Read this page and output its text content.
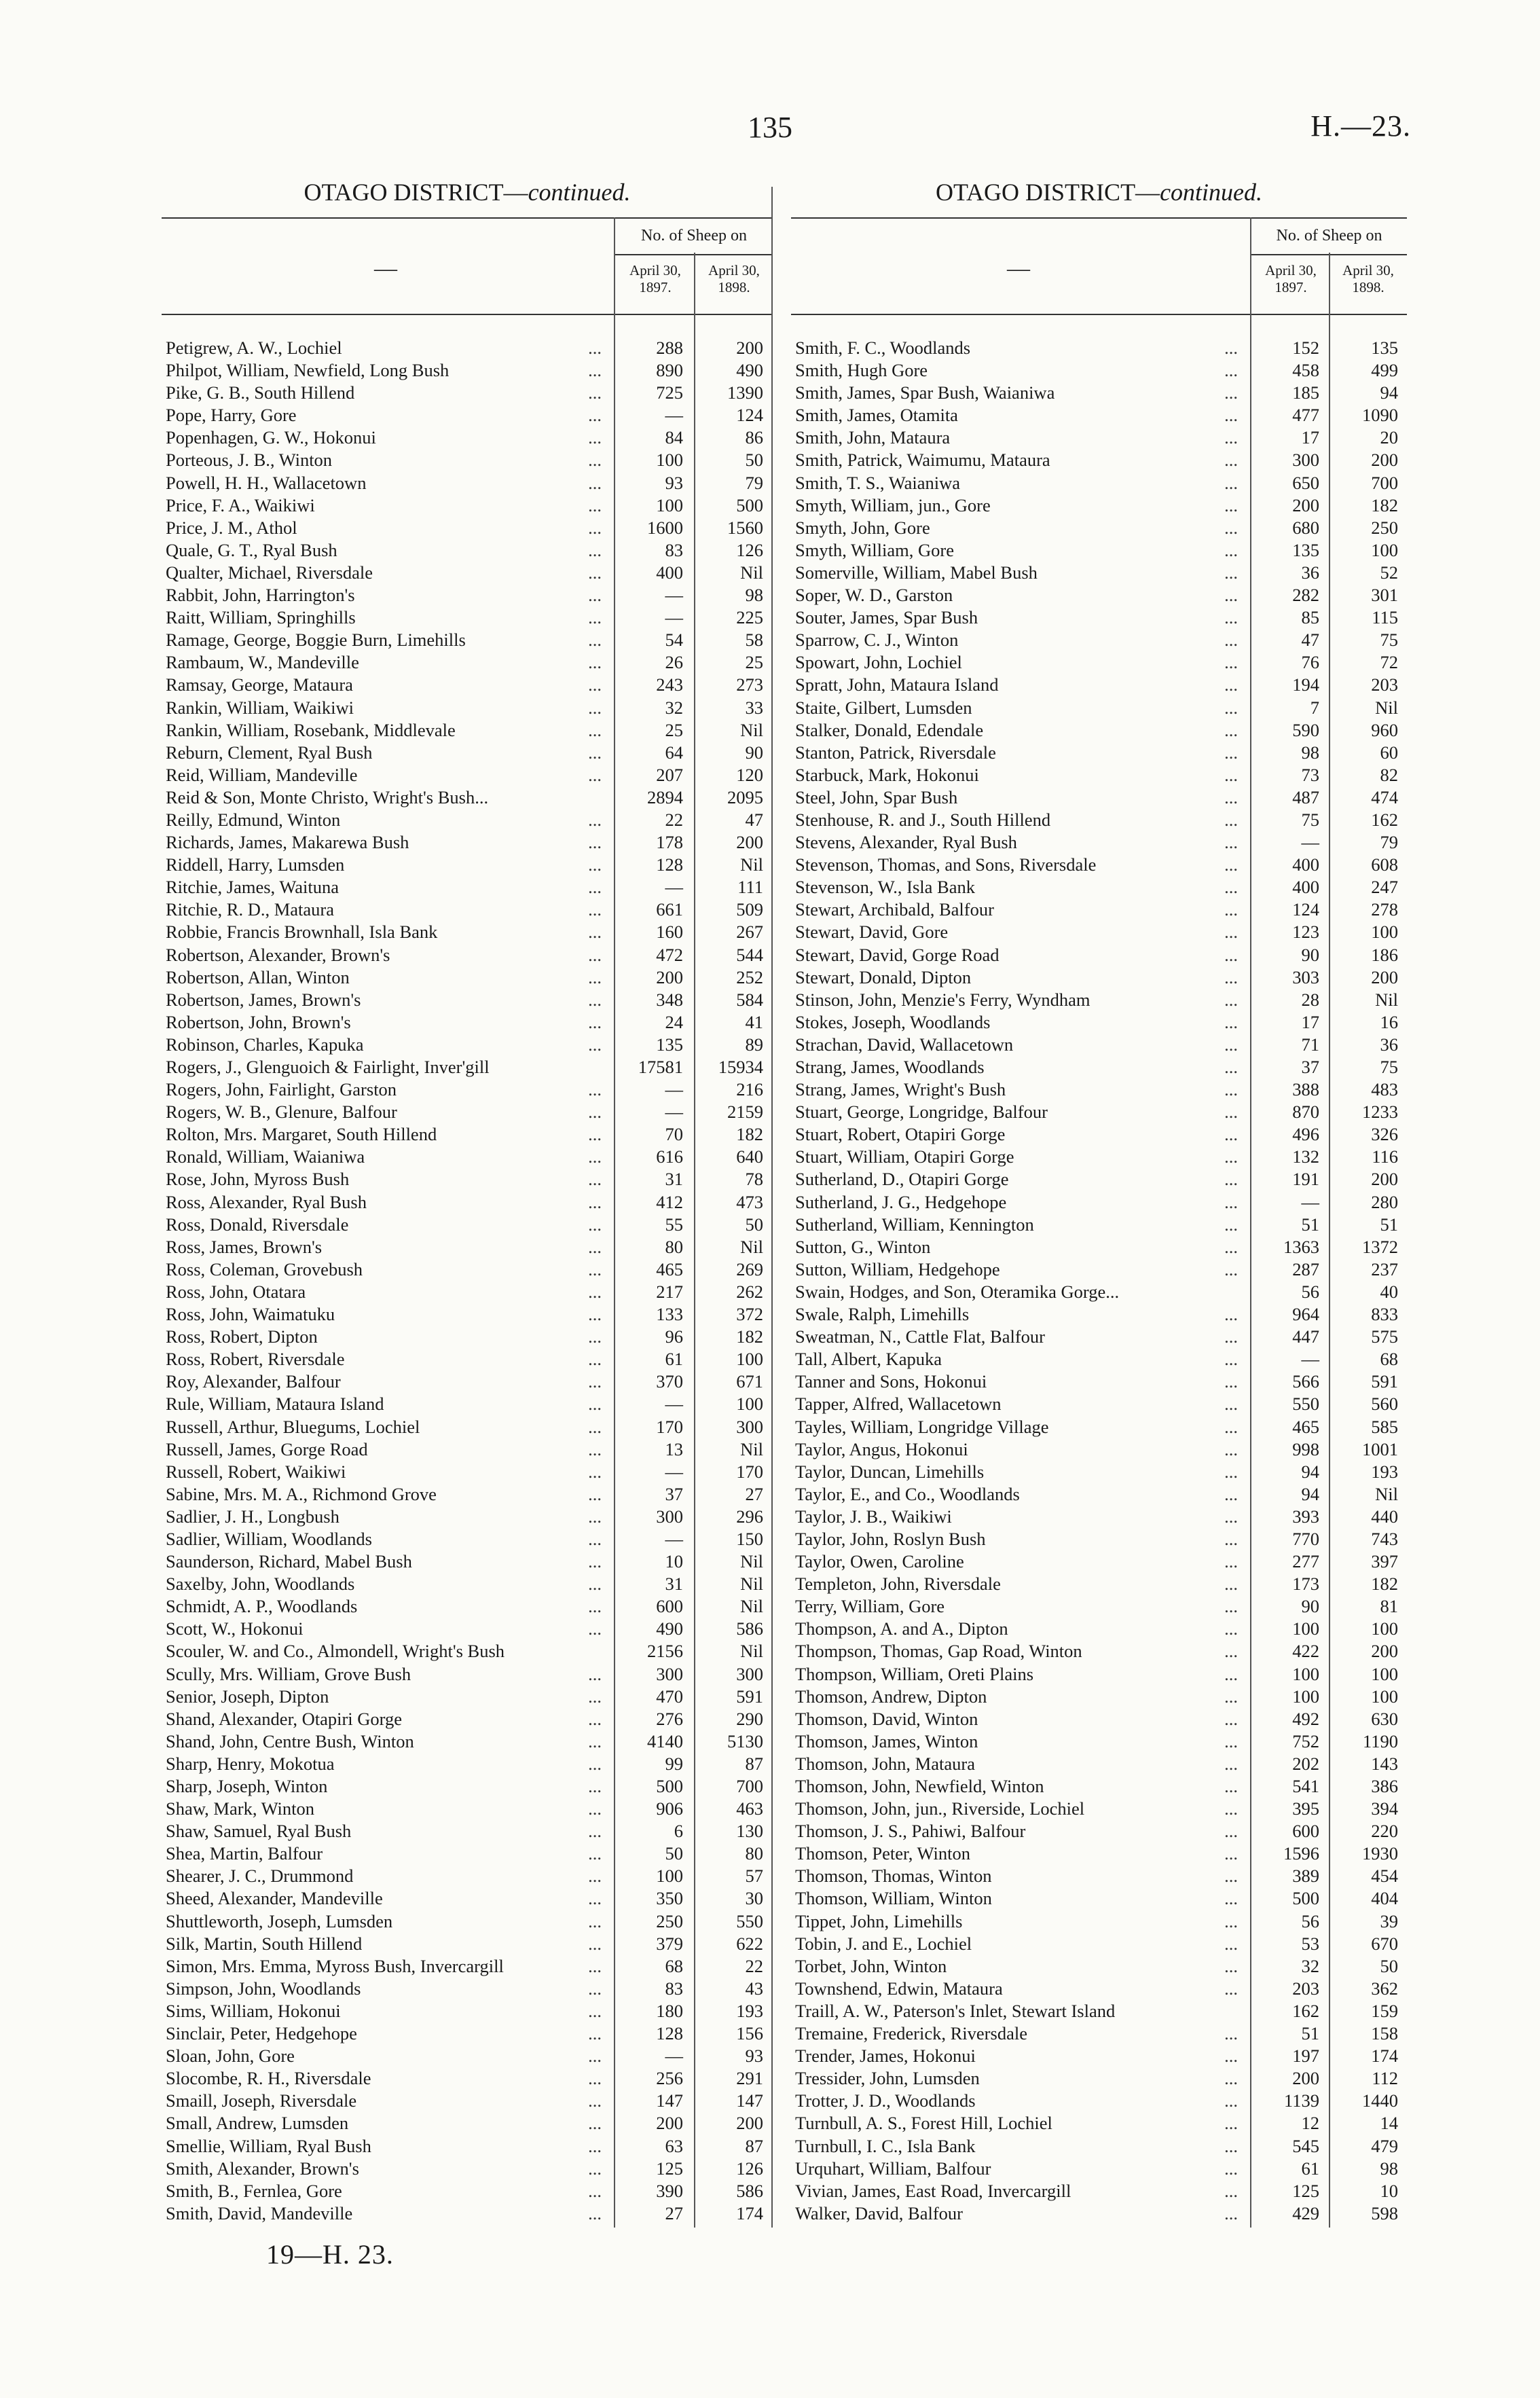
135	H.—23.
OTAGO DISTRICT—continued.
—
No. of Sheep on
April 30, 1897.
April 30, 1898.
Petigrew, A. W., Lochiel	...	288	200
Philpot, William, Newfield, Long Bush	...	890	490
Pike, G. B., South Hillend	...	725	1390
Pope, Harry, Gore	...	—	124
Popenhagen, G. W., Hokonui	...	84	86
Porteous, J. B., Winton	...	100	50
Powell, H. H., Wallacetown	...	93	79
Price, F. A., Waikiwi	...	100	500
Price, J. M., Athol	...	1600	1560
Quale, G. T., Ryal Bush	...	83	126
Qualter, Michael, Riversdale	...	400	Nil
Rabbit, John, Harrington's	...	—	98
Raitt, William, Springhills	...	—	225
Ramage, George, Boggie Burn, Limehills	...	54	58
Rambaum, W., Mandeville	...	26	25
Ramsay, George, Mataura	...	243	273
Rankin, William, Waikiwi	...	32	33
Rankin, William, Rosebank, Middlevale	...	25	Nil
Reburn, Clement, Ryal Bush	...	64	90
Reid, William, Mandeville	...	207	120
Reid & Son, Monte Christo, Wright's Bush...	2894	2095
Reilly, Edmund, Winton	...	22	47
Richards, James, Makarewa Bush	...	178	200
Riddell, Harry, Lumsden	...	128	Nil
Ritchie, James, Waituna	...	—	111
Ritchie, R. D., Mataura	...	661	509
Robbie, Francis Brownhall, Isla Bank	...	160	267
Robertson, Alexander, Brown's	...	472	544
Robertson, Allan, Winton	...	200	252
Robertson, James, Brown's	...	348	584
Robertson, John, Brown's	...	24	41
Robinson, Charles, Kapuka	...	135	89
Rogers, J., Glenguoich & Fairlight, Inver'gill	17581	15934
Rogers, John, Fairlight, Garston	...	—	216
Rogers, W. B., Glenure, Balfour	...	—	2159
Rolton, Mrs. Margaret, South Hillend	...	70	182
Ronald, William, Waianiwa	...	616	640
Rose, John, Myross Bush	...	31	78
Ross, Alexander, Ryal Bush	...	412	473
Ross, Donald, Riversdale	...	55	50
Ross, James, Brown's	...	80	Nil
Ross, Coleman, Grovebush	...	465	269
Ross, John, Otatara	...	217	262
Ross, John, Waimatuku	...	133	372
Ross, Robert, Dipton	...	96	182
Ross, Robert, Riversdale	...	61	100
Roy, Alexander, Balfour	...	370	671
Rule, William, Mataura Island	...	—	100
Russell, Arthur, Bluegums, Lochiel	...	170	300
Russell, James, Gorge Road	...	13	Nil
Russell, Robert, Waikiwi	...	—	170
Sabine, Mrs. M. A., Richmond Grove	...	37	27
Sadlier, J. H., Longbush	...	300	296
Sadlier, William, Woodlands	...	—	150
Saunderson, Richard, Mabel Bush	...	10	Nil
Saxelby, John, Woodlands	...	31	Nil
Schmidt, A. P., Woodlands	...	600	Nil
Scott, W., Hokonui	...	490	586
Scouler, W. and Co., Almondell, Wright's Bush	2156	Nil
Scully, Mrs. William, Grove Bush	...	300	300
Senior, Joseph, Dipton	...	470	591
Shand, Alexander, Otapiri Gorge	...	276	290
Shand, John, Centre Bush, Winton	...	4140	5130
Sharp, Henry, Mokotua	...	99	87
Sharp, Joseph, Winton	...	500	700
Shaw, Mark, Winton	...	906	463
Shaw, Samuel, Ryal Bush	...	6	130
Shea, Martin, Balfour	...	50	80
Shearer, J. C., Drummond	...	100	57
Sheed, Alexander, Mandeville	...	350	30
Shuttleworth, Joseph, Lumsden	...	250	550
Silk, Martin, South Hillend	...	379	622
Simon, Mrs. Emma, Myross Bush, Invercargill	...	68	22
Simpson, John, Woodlands	...	83	43
Sims, William, Hokonui	...	180	193
Sinclair, Peter, Hedgehope	...	128	156
Sloan, John, Gore	...	—	93
Slocombe, R. H., Riversdale	...	256	291
Smaill, Joseph, Riversdale	...	147	147
Small, Andrew, Lumsden	...	200	200
Smellie, William, Ryal Bush	...	63	87
Smith, Alexander, Brown's	...	125	126
Smith, B., Fernlea, Gore	...	390	586
Smith, David, Mandeville	...	27	174
OTAGO DISTRICT—continued.
—
No. of Sheep on
April 30, 1897.
April 30, 1898.
Smith, F. C., Woodlands	...	152	135
Smith, Hugh Gore	...	458	499
Smith, James, Spar Bush, Waianiwa	...	185	94
Smith, James, Otamita	...	477	1090
Smith, John, Mataura	...	17	20
Smith, Patrick, Waimumu, Mataura	...	300	200
Smith, T. S., Waianiwa	...	650	700
Smyth, William, jun., Gore	...	200	182
Smyth, John, Gore	...	680	250
Smyth, William, Gore	...	135	100
Somerville, William, Mabel Bush	...	36	52
Soper, W. D., Garston	...	282	301
Souter, James, Spar Bush	...	85	115
Sparrow, C. J., Winton	...	47	75
Spowart, John, Lochiel	...	76	72
Spratt, John, Mataura Island	...	194	203
Staite, Gilbert, Lumsden	...	7	Nil
Stalker, Donald, Edendale	...	590	960
Stanton, Patrick, Riversdale	...	98	60
Starbuck, Mark, Hokonui	...	73	82
Steel, John, Spar Bush	...	487	474
Stenhouse, R. and J., South Hillend	...	75	162
Stevens, Alexander, Ryal Bush	...	—	79
Stevenson, Thomas, and Sons, Riversdale	...	400	608
Stevenson, W., Isla Bank	...	400	247
Stewart, Archibald, Balfour	...	124	278
Stewart, David, Gore	...	123	100
Stewart, David, Gorge Road	...	90	186
Stewart, Donald, Dipton	...	303	200
Stinson, John, Menzie's Ferry, Wyndham	...	28	Nil
Stokes, Joseph, Woodlands	...	17	16
Strachan, David, Wallacetown	...	71	36
Strang, James, Woodlands	...	37	75
Strang, James, Wright's Bush	...	388	483
Stuart, George, Longridge, Balfour	...	870	1233
Stuart, Robert, Otapiri Gorge	...	496	326
Stuart, William, Otapiri Gorge	...	132	116
Sutherland, D., Otapiri Gorge	...	191	200
Sutherland, J. G., Hedgehope	...	—	280
Sutherland, William, Kennington	...	51	51
Sutton, G., Winton	...	1363	1372
Sutton, William, Hedgehope	...	287	237
Swain, Hodges, and Son, Oteramika Gorge...	56	40
Swale, Ralph, Limehills	...	964	833
Sweatman, N., Cattle Flat, Balfour	...	447	575
Tall, Albert, Kapuka	...	—	68
Tanner and Sons, Hokonui	...	566	591
Tapper, Alfred, Wallacetown	...	550	560
Tayles, William, Longridge Village	...	465	585
Taylor, Angus, Hokonui	...	998	1001
Taylor, Duncan, Limehills	...	94	193
Taylor, E., and Co., Woodlands	...	94	Nil
Taylor, J. B., Waikiwi	...	393	440
Taylor, John, Roslyn Bush	...	770	743
Taylor, Owen, Caroline	...	277	397
Templeton, John, Riversdale	...	173	182
Terry, William, Gore	...	90	81
Thompson, A. and A., Dipton	...	100	100
Thompson, Thomas, Gap Road, Winton	...	422	200
Thompson, William, Oreti Plains	...	100	100
Thomson, Andrew, Dipton	...	100	100
Thomson, David, Winton	...	492	630
Thomson, James, Winton	...	752	1190
Thomson, John, Mataura	...	202	143
Thomson, John, Newfield, Winton	...	541	386
Thomson, John, jun., Riverside, Lochiel	...	395	394
Thomson, J. S., Pahiwi, Balfour	...	600	220
Thomson, Peter, Winton	...	1596	1930
Thomson, Thomas, Winton	...	389	454
Thomson, William, Winton	...	500	404
Tippet, John, Limehills	...	56	39
Tobin, J. and E., Lochiel	...	53	670
Torbet, John, Winton	...	32	50
Townshend, Edwin, Mataura	...	203	362
Traill, A. W., Paterson's Inlet, Stewart Island	162	159
Tremaine, Frederick, Riversdale	...	51	158
Trender, James, Hokonui	...	197	174
Tressider, John, Lumsden	...	200	112
Trotter, J. D., Woodlands	...	1139	1440
Turnbull, A. S., Forest Hill, Lochiel	...	12	14
Turnbull, I. C., Isla Bank	...	545	479
Urquhart, William, Balfour	...	61	98
Vivian, James, East Road, Invercargill	...	125	10
Walker, David, Balfour	...	429	598
19—H. 23.
